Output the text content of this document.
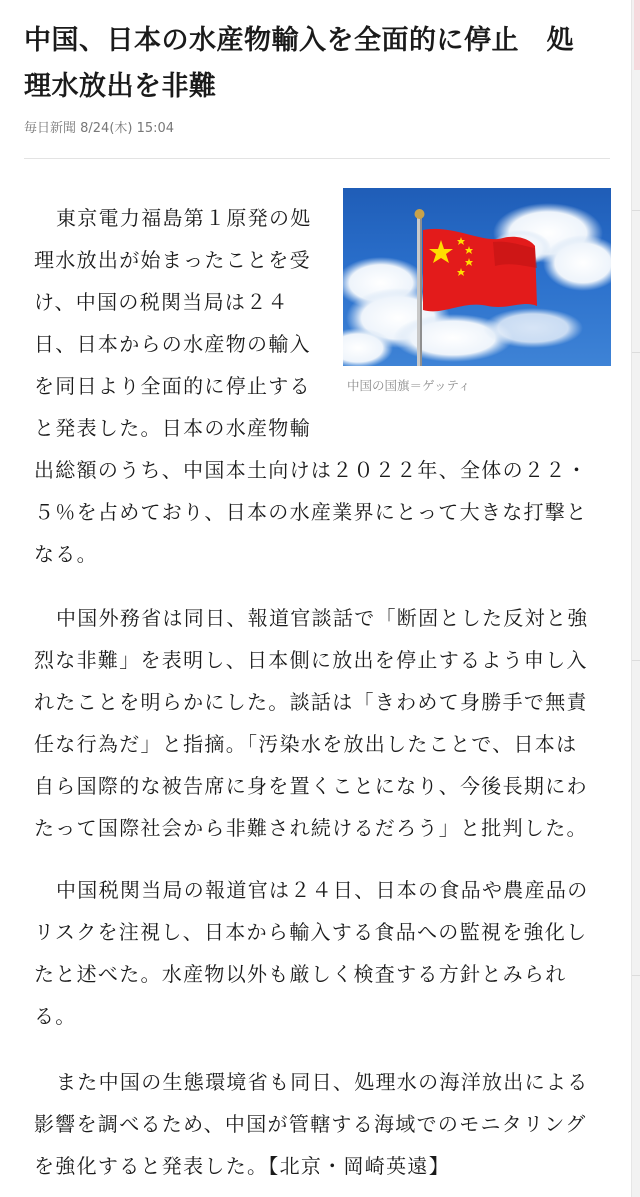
中国、日本の水産物輸入を全面的に停止　処
理水放出を非難
毎日新聞 8/24(木) 15:04
中国の国旗＝ゲッティ

東京電力福島第１原発の処
理水放出が始まったことを受
け、中国の税関当局は２４
日、日本からの水産物の輸入
を同日より全面的に停止する
と発表した。日本の水産物輸
出総額のうち、中国本土向けは２０２２年、全体の２２・
５％を占めており、日本の水産業界にとって大きな打撃と
なる。

中国外務省は同日、報道官談話で「断固とした反対と強
烈な非難」を表明し、日本側に放出を停止するよう申し入
れたことを明らかにした。談話は「きわめて身勝手で無責
任な行為だ」と指摘。「汚染水を放出したことで、日本は
自ら国際的な被告席に身を置くことになり、今後長期にわ
たって国際社会から非難され続けるだろう」と批判した。

中国税関当局の報道官は２４日、日本の食品や農産品の
リスクを注視し、日本から輸入する食品への監視を強化し
たと述べた。水産物以外も厳しく検査する方針とみられ
る。

また中国の生態環境省も同日、処理水の海洋放出による
影響を調べるため、中国が管轄する海域でのモニタリング
を強化すると発表した。【北京・岡崎英遠】
